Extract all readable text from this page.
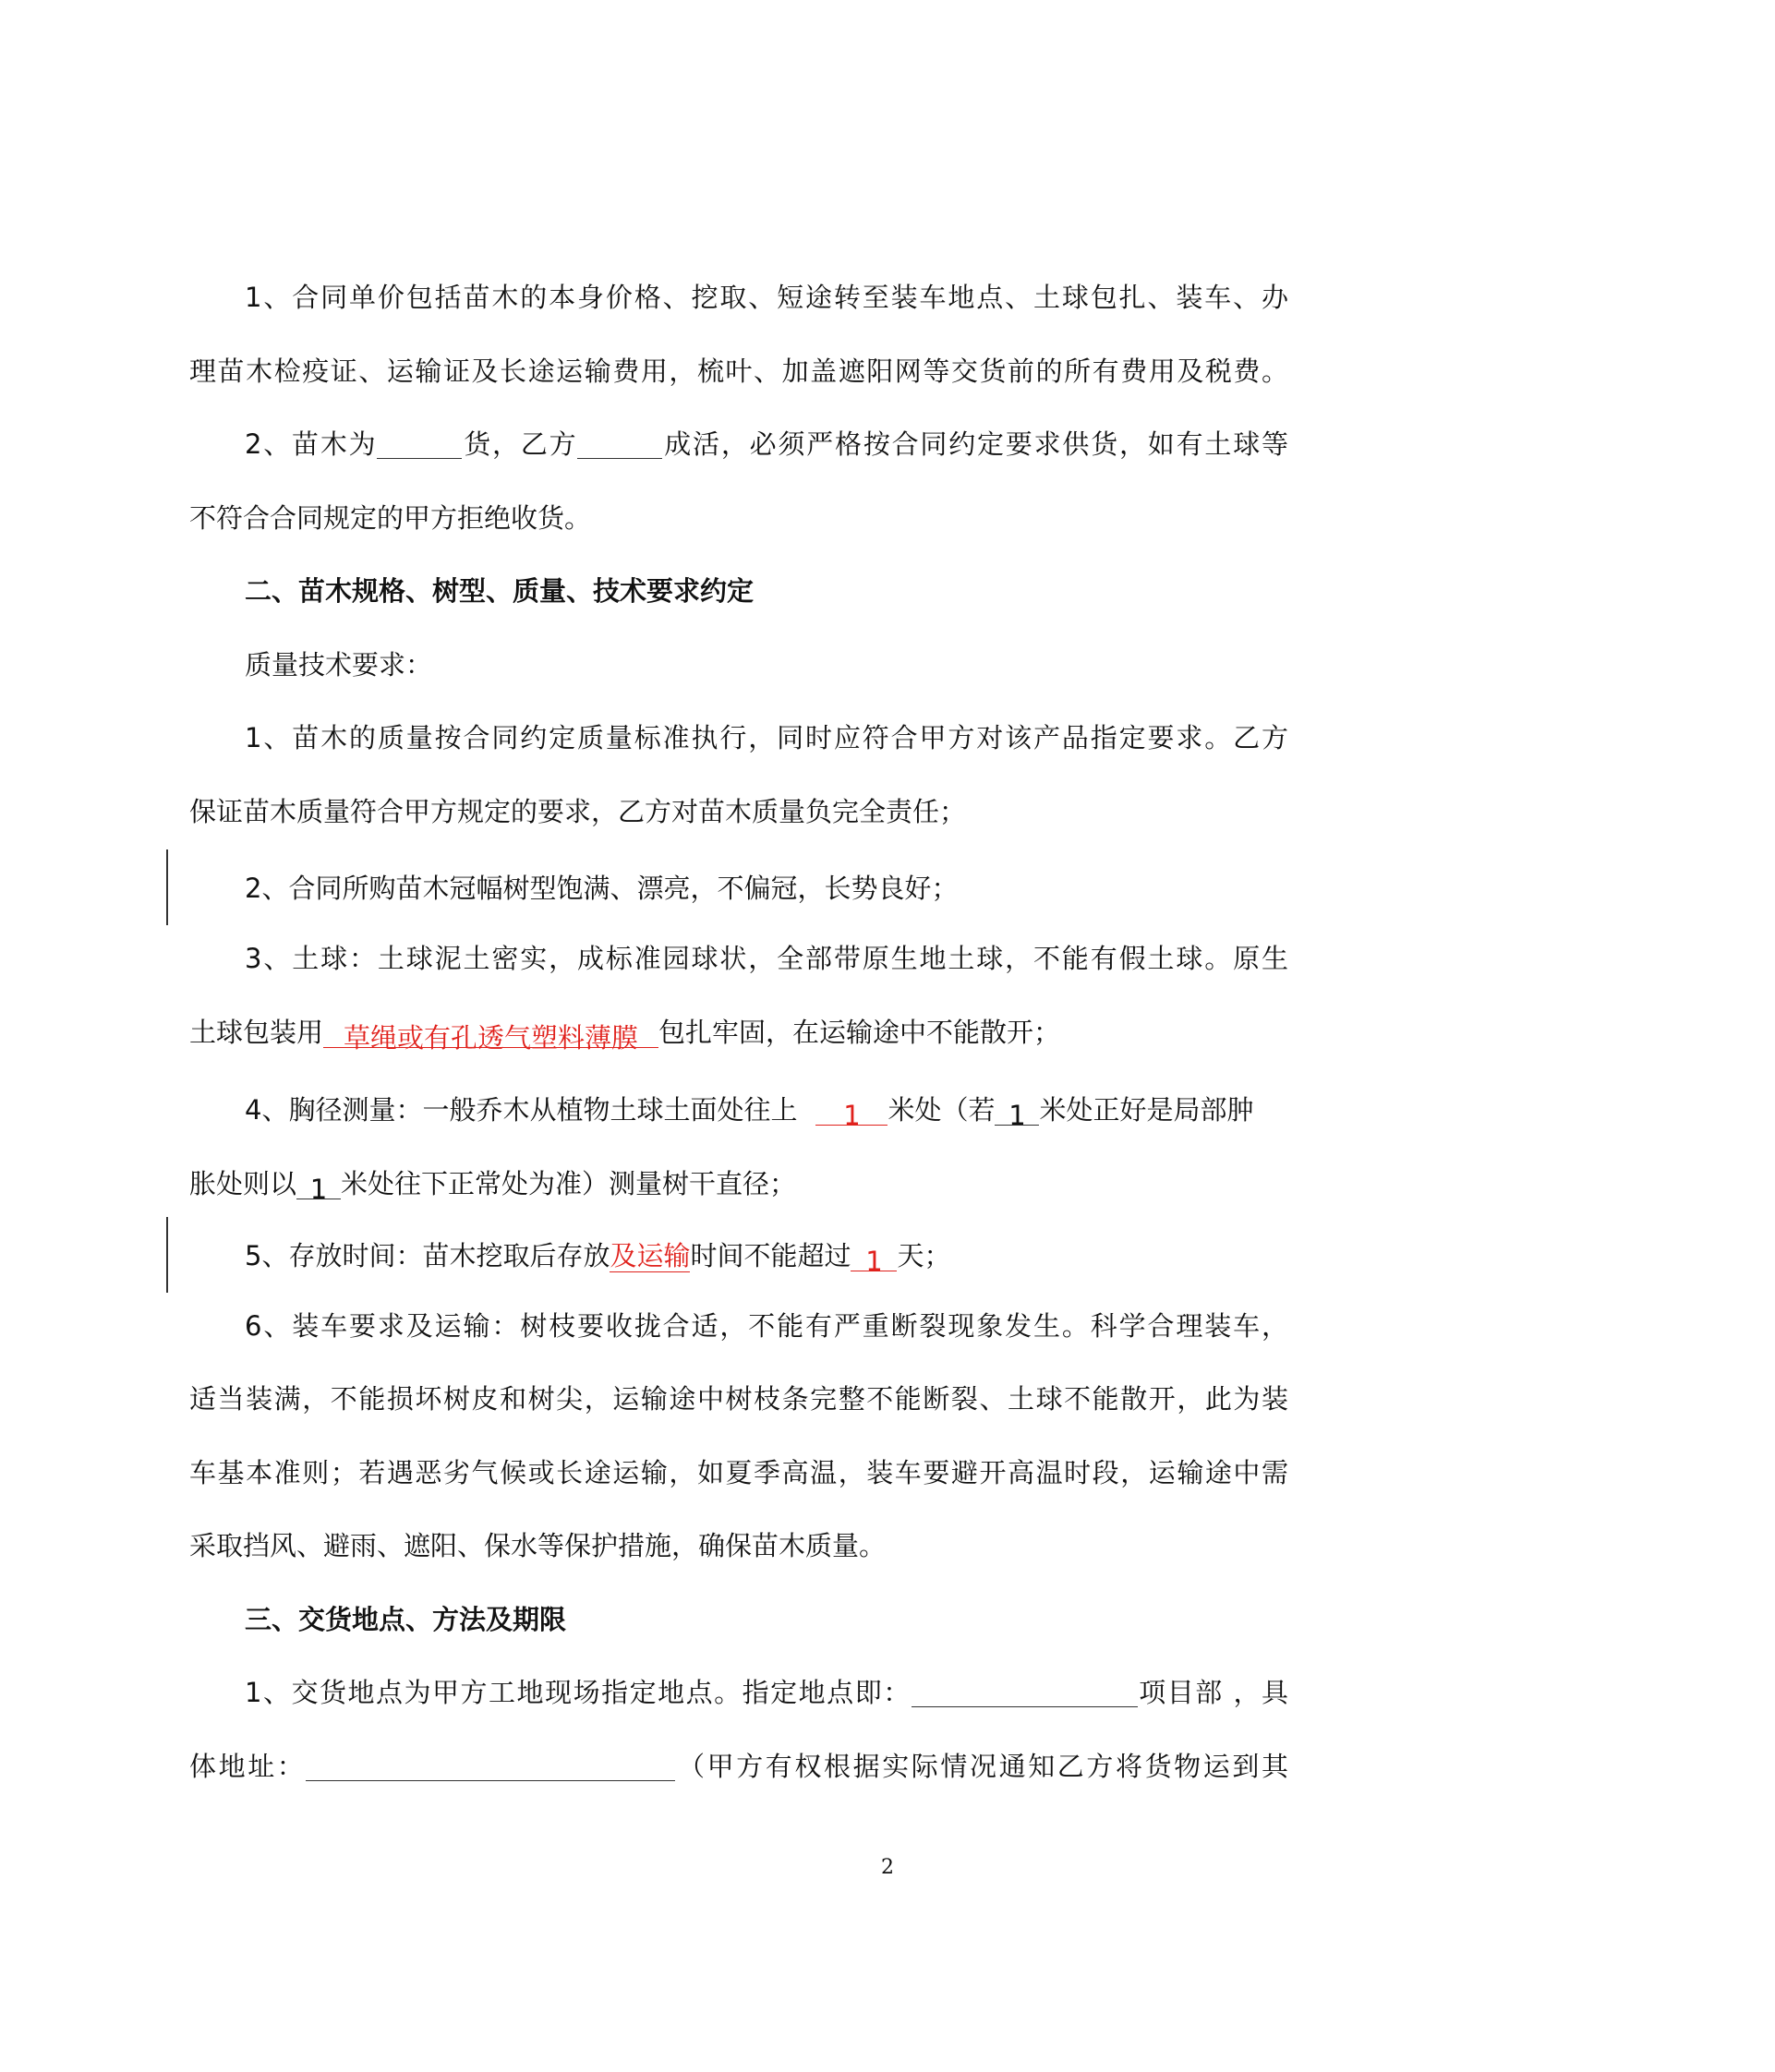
1、合同单价包括苗木的本身价格、挖取、短途转至装车地点、土球包扎、装车、办
理苗木检疫证、运输证及长途运输费用，梳叶、加盖遮阳网等交货前的所有费用及税费。
2、苗木为	货，乙方	成活，必须严格按合同约定要求供货，如有土球等
不符合合同规定的甲方拒绝收货。
二、苗木规格、树型、质量、技术要求约定
质量技术要求：
1、苗木的质量按合同约定质量标准执行，同时应符合甲方对该产品指定要求。乙方
保证苗木质量符合甲方规定的要求，乙方对苗木质量负完全责任；
2、合同所购苗木冠幅树型饱满、漂亮，不偏冠，长势良好；
3、土球：土球泥土密实，成标准园球状，全部带原生地土球，不能有假土球。原生
土球包装用 草绳或有孔透气塑料薄膜 包扎牢固，在运输途中不能散开；
4、胸径测量：一般乔木从植物土球土面处往上 1 米处（若 1 米处正好是局部肿
胀处则以 1 米处往下正常处为准）测量树干直径；
5、存放时间：苗木挖取后存放及运输时间不能超过 1 天；
6、装车要求及运输：树枝要收拢合适，不能有严重断裂现象发生。科学合理装车，
适当装满，不能损坏树皮和树尖，运输途中树枝条完整不能断裂、土球不能散开，此为装
车基本准则；若遇恶劣气候或长途运输，如夏季高温，装车要避开高温时段，运输途中需
采取挡风、避雨、遮阳、保水等保护措施，确保苗木质量。
三、交货地点、方法及期限
1、交货地点为甲方工地现场指定地点。指定地点即：	项目部 ，具
体地址：	（甲方有权根据实际情况通知乙方将货物运到其
2
